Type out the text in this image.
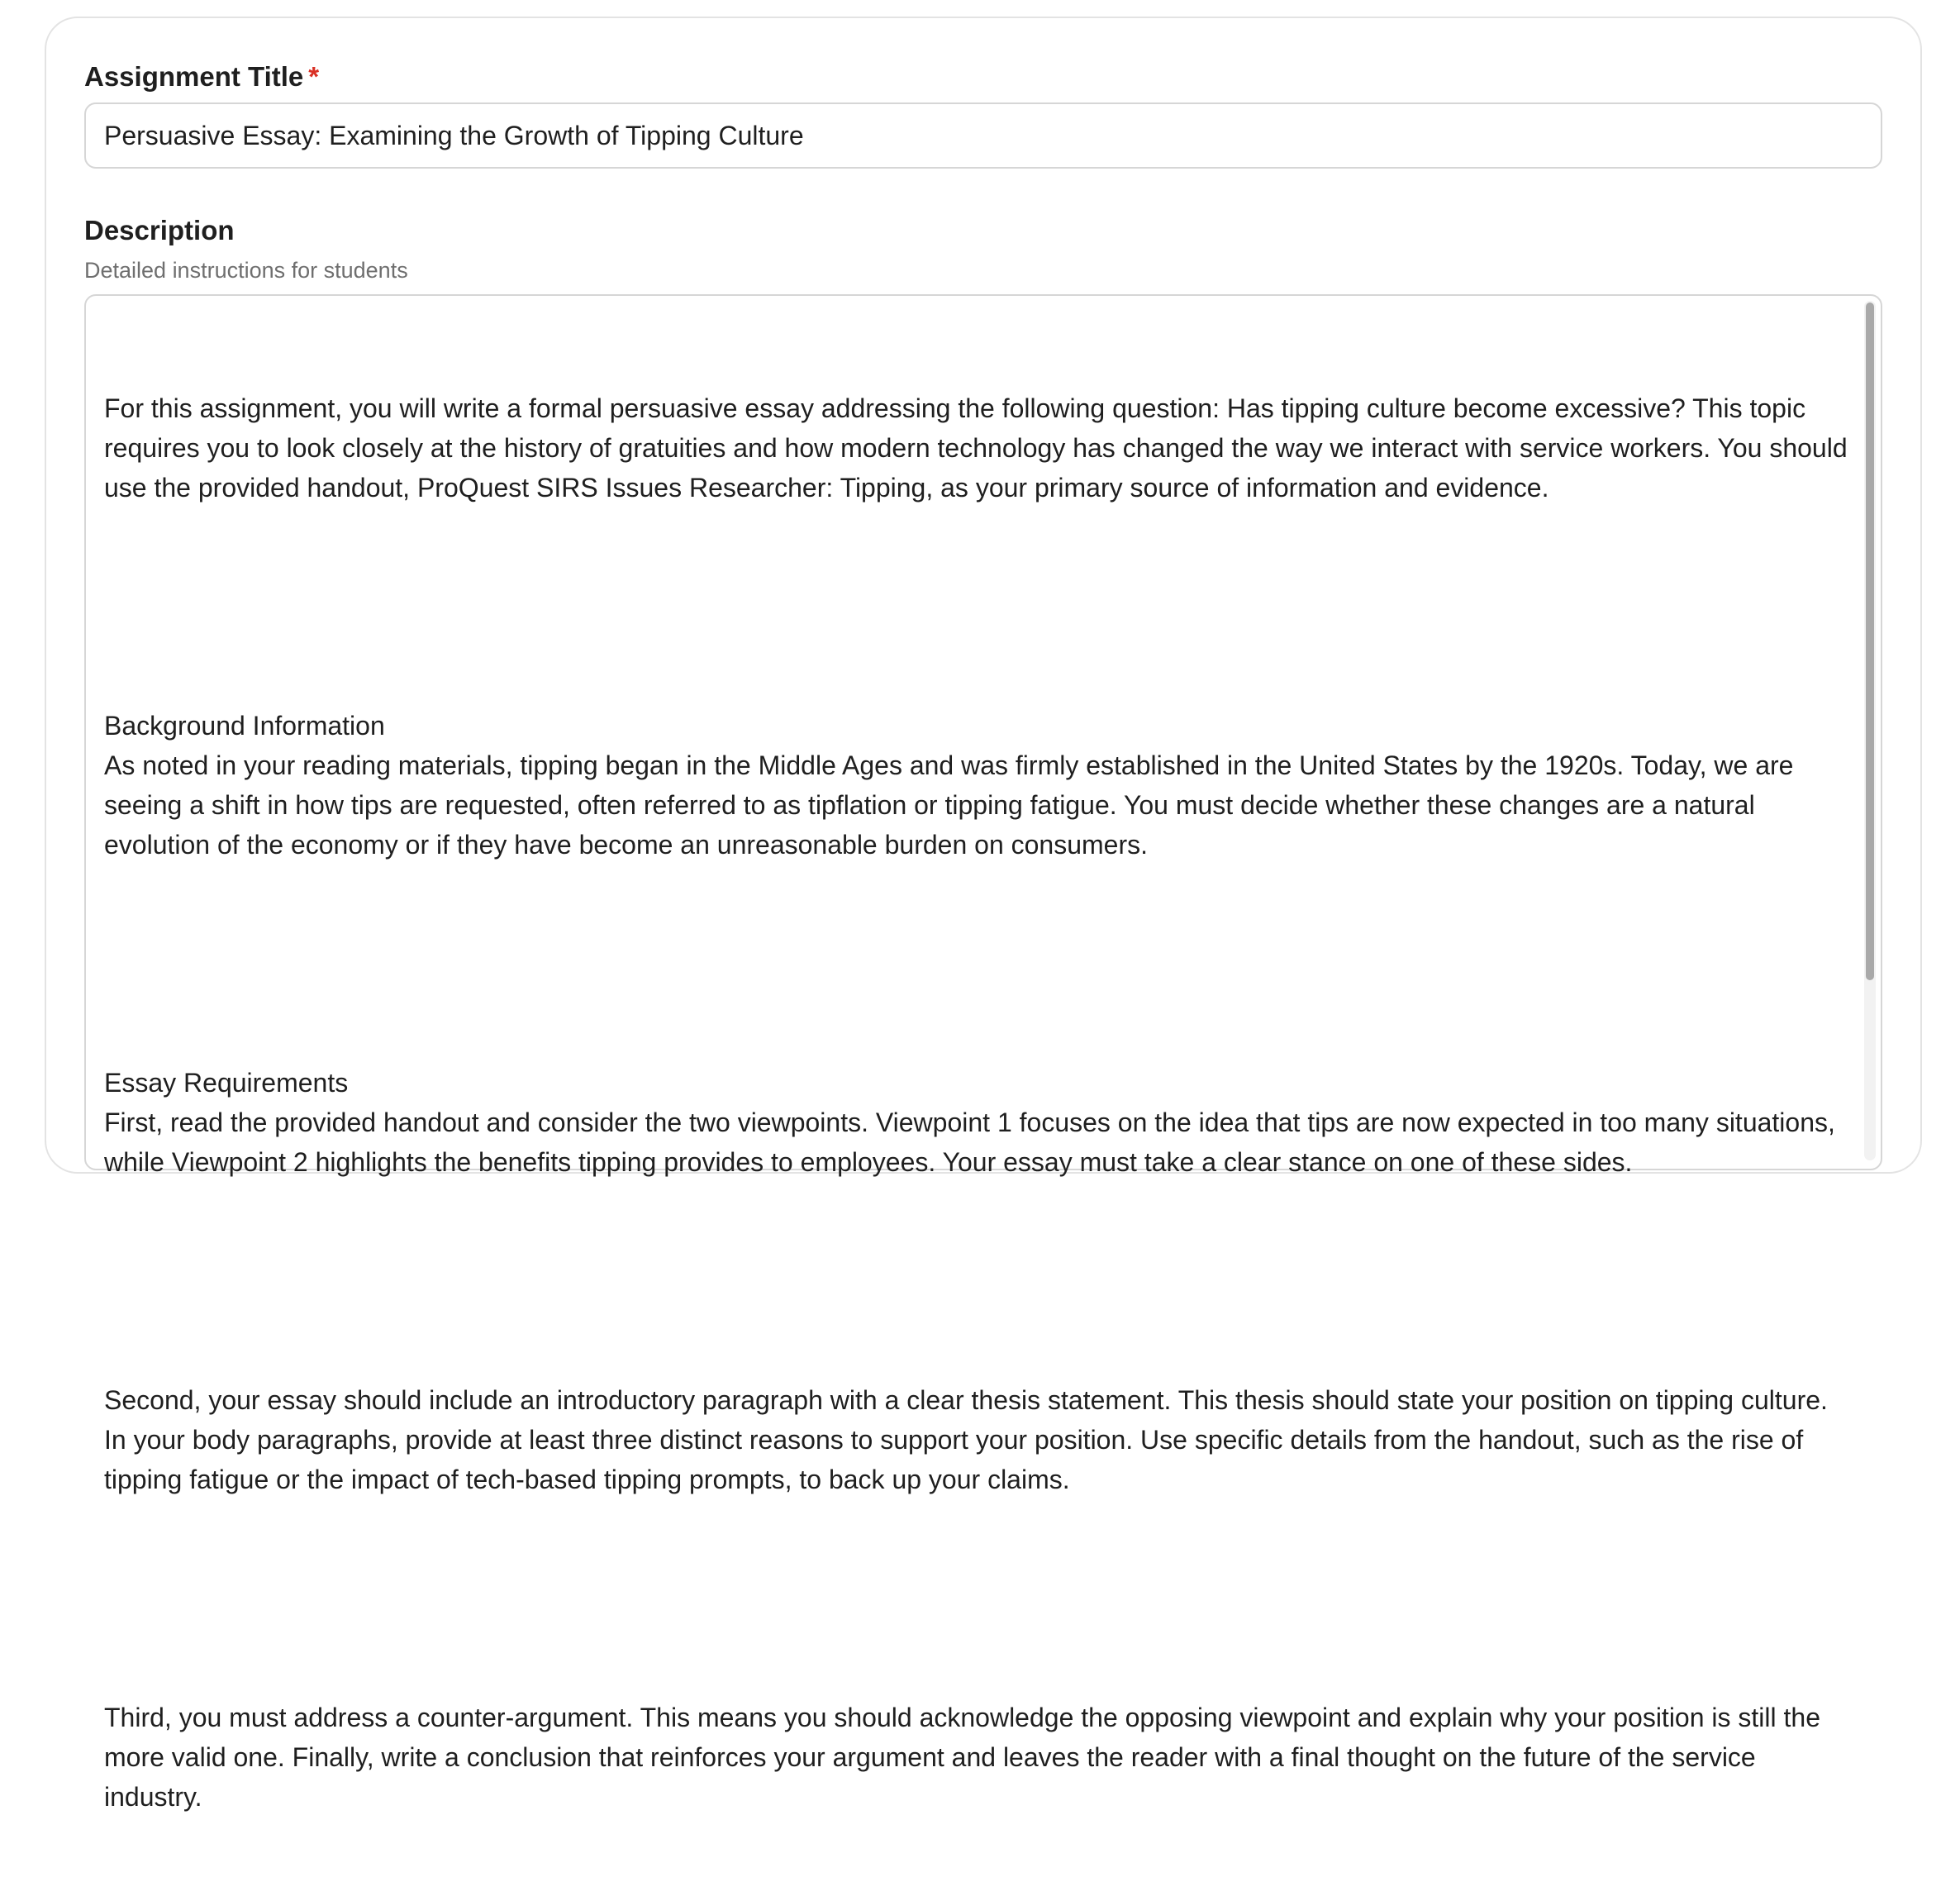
Assignment Title *
Persuasive Essay: Examining the Growth of Tipping Culture
Description
Detailed instructions for students

For this assignment, you will write a formal persuasive essay addressing the following question: Has tipping culture become excessive? This topic requires you to look closely at the history of gratuities and how modern technology has changed the way we interact with service workers. You should use the provided handout, ProQuest SIRS Issues Researcher: Tipping, as your primary source of information and evidence.

Background Information
As noted in your reading materials, tipping began in the Middle Ages and was firmly established in the United States by the 1920s. Today, we are seeing a shift in how tips are requested, often referred to as tipflation or tipping fatigue. You must decide whether these changes are a natural evolution of the economy or if they have become an unreasonable burden on consumers.

Essay Requirements
First, read the provided handout and consider the two viewpoints. Viewpoint 1 focuses on the idea that tips are now expected in too many situations, while Viewpoint 2 highlights the benefits tipping provides to employees. Your essay must take a clear stance on one of these sides.

Second, your essay should include an introductory paragraph with a clear thesis statement. This thesis should state your position on tipping culture. In your body paragraphs, provide at least three distinct reasons to support your position. Use specific details from the handout, such as the rise of tipping fatigue or the impact of tech-based tipping prompts, to back up your claims.

Third, you must address a counter-argument. This means you should acknowledge the opposing viewpoint and explain why your position is still the more valid one. Finally, write a conclusion that reinforces your argument and leaves the reader with a final thought on the future of the service industry.
